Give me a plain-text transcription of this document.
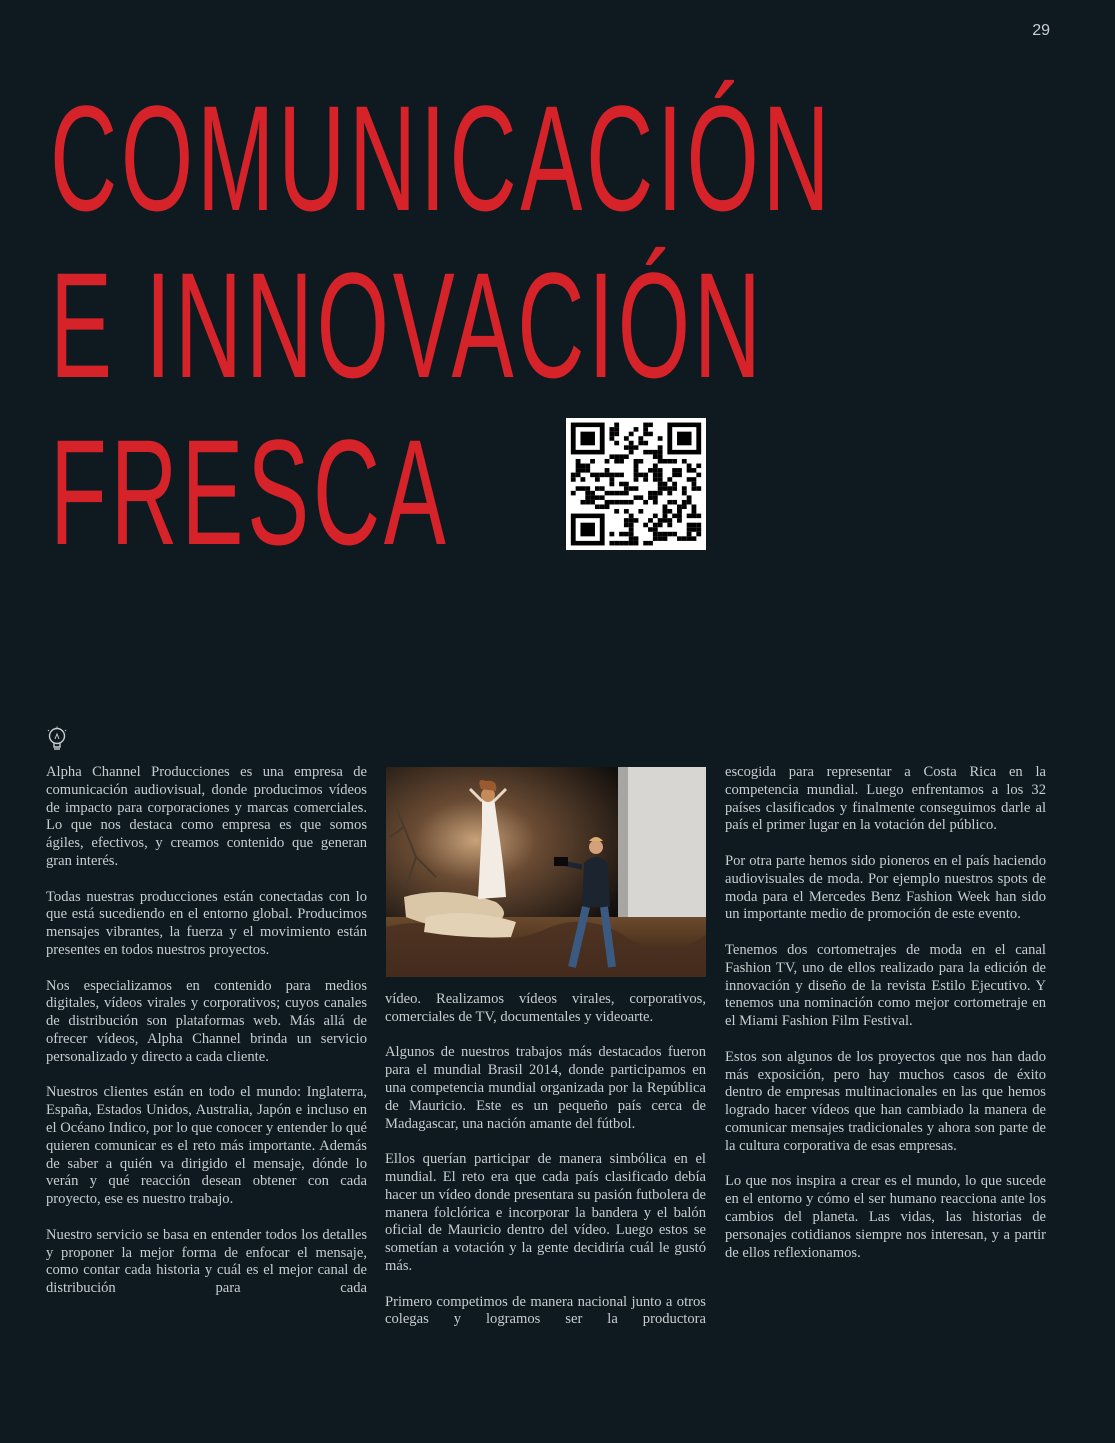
29
COMUNICACIÓN
E INNOVACIÓN
FRESCA

Alpha Channel Producciones es una empresa de comunicación audiovisual, donde producimos vídeos de impacto para corporaciones y marcas comerciales. Lo que nos destaca como empresa es que somos ágiles, efectivos, y creamos contenido que generan gran interés.

Todas nuestras producciones están conectadas con lo que está sucediendo en el entorno global. Producimos mensajes vibrantes, la fuerza y el movimiento están presentes en todos nuestros proyectos.

Nos especializamos en contenido para medios digitales, vídeos virales y corporativos; cuyos canales de distribución son plataformas web. Más allá de ofrecer vídeos, Alpha Channel brinda un servicio personalizado y directo a cada cliente.

Nuestros clientes están en todo el mundo: Inglaterra, España, Estados Unidos, Australia, Japón e incluso en el Océano Indico, por lo que conocer y entender lo qué quieren comunicar es el reto más importante. Además de saber a quién va dirigido el mensaje, dónde lo verán y qué reacción desean obtener con cada proyecto, ese es nuestro trabajo.

Nuestro servicio se basa en entender todos los detalles y proponer la mejor forma de enfocar el mensaje, como contar cada historia y cuál es el mejor canal de distribución para cada

vídeo. Realizamos vídeos virales, corporativos, comerciales de TV, documentales y videoarte.

Algunos de nuestros trabajos más destacados fueron para el mundial Brasil 2014, donde participamos en una competencia mundial organizada por la República de Mauricio. Este es un pequeño país cerca de Madagascar, una nación amante del fútbol.

Ellos querían participar de manera simbólica en el mundial. El reto era que cada país clasificado debía hacer un vídeo donde presentara su pasión futbolera de manera folclórica e incorporar la bandera y el balón oficial de Mauricio dentro del vídeo. Luego estos se sometían a votación y la gente decidiría cuál le gustó más.

Primero competimos de manera nacional junto a otros colegas y logramos ser la productora

escogida para representar a Costa Rica en la competencia mundial. Luego enfrentamos a los 32 países clasificados y finalmente conseguimos darle al país el primer lugar en la votación del público.

Por otra parte hemos sido pioneros en el país haciendo audiovisuales de moda. Por ejemplo nuestros spots de moda para el Mercedes Benz Fashion Week han sido un importante medio de promoción de este evento.

Tenemos dos cortometrajes de moda en el canal Fashion TV, uno de ellos realizado para la edición de innovación y diseño de la revista Estilo Ejecutivo. Y tenemos una nominación como mejor cortometraje en el Miami Fashion Film Festival.

Estos son algunos de los proyectos que nos han dado más exposición, pero hay muchos casos de éxito dentro de empresas multinacionales en las que hemos logrado hacer vídeos que han cambiado la manera de comunicar mensajes tradicionales y ahora son parte de la cultura corporativa de esas empresas.

Lo que nos inspira a crear es el mundo, lo que sucede en el entorno y cómo el ser humano reacciona ante los cambios del planeta. Las vidas, las historias de personajes cotidianos siempre nos interesan, y a partir de ellos reflexionamos.
